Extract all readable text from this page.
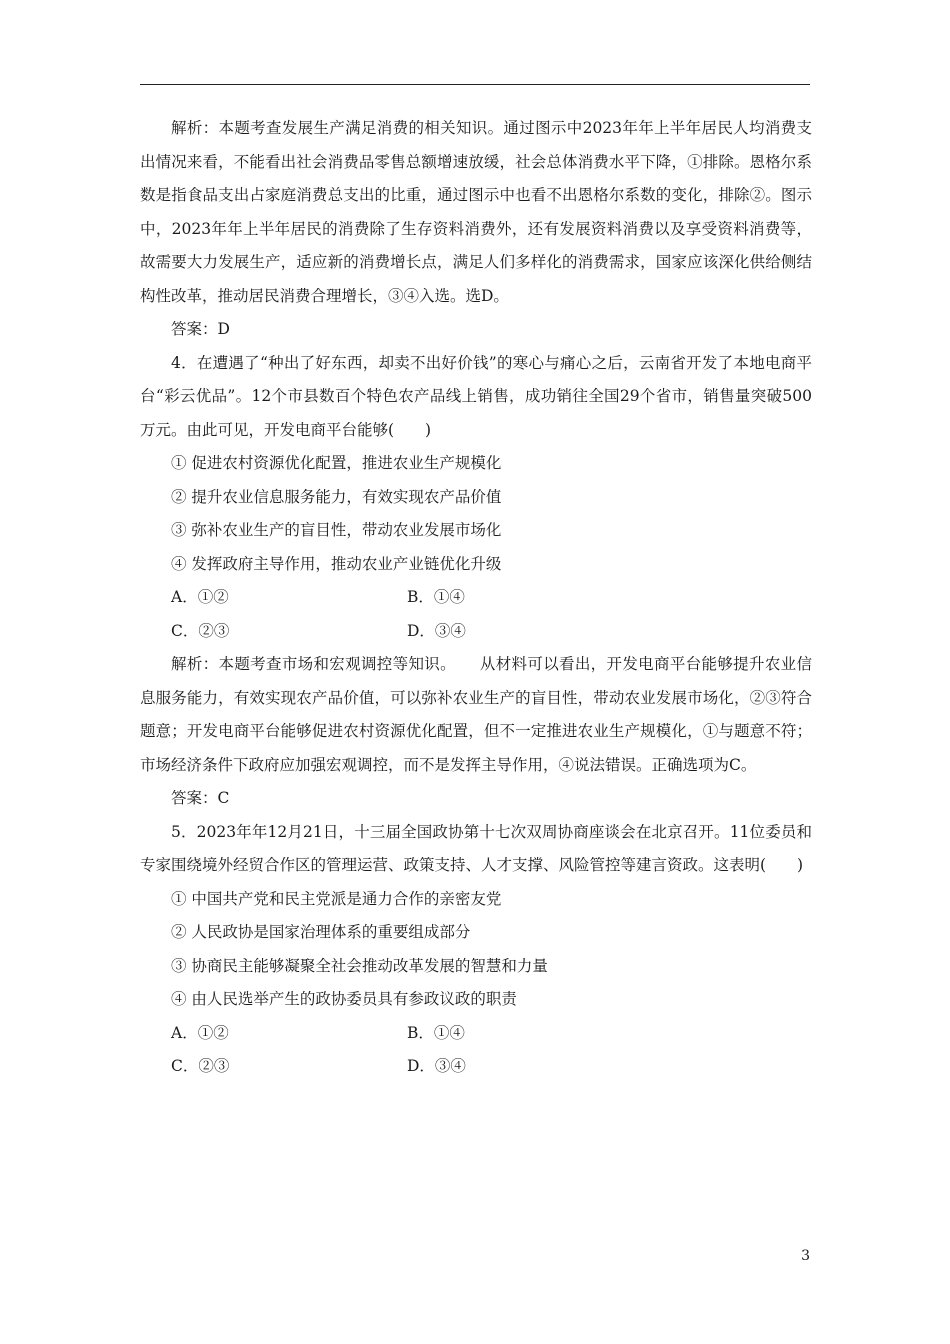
解析：本题考查发展生产满足消费的相关知识。通过图示中2023年年上半年居民人均消费支出情况来看，不能看出社会消费品零售总额增速放缓，社会总体消费水平下降，①排除。恩格尔系数是指食品支出占家庭消费总支出的比重，通过图示中也看不出恩格尔系数的变化，排除②。图示中，2023年年上半年居民的消费除了生存资料消费外，还有发展资料消费以及享受资料消费等，故需要大力发展生产，适应新的消费增长点，满足人们多样化的消费需求，国家应该深化供给侧结构性改革，推动居民消费合理增长，③④入选。选D。

答案：D

4．在遭遇了“种出了好东西，却卖不出好价钱”的寒心与痛心之后，云南省开发了本地电商平台“彩云优品”。12个市县数百个特色农产品线上销售，成功销往全国29个省市，销售量突破500万元。由此可见，开发电商平台能够(　　)

① 促进农村资源优化配置，推进农业生产规模化

② 提升农业信息服务能力，有效实现农产品价值

③ 弥补农业生产的盲目性，带动农业发展市场化

④ 发挥政府主导作用，推动农业产业链优化升级

A．①②	B．①④
C．②③	D．③④

解析：本题考查市场和宏观调控等知识。　　从材料可以看出，开发电商平台能够提升农业信息服务能力，有效实现农产品价值，可以弥补农业生产的盲目性，带动农业发展市场化，②③符合题意；开发电商平台能够促进农村资源优化配置，但不一定推进农业生产规模化，①与题意不符；市场经济条件下政府应加强宏观调控，而不是发挥主导作用，④说法错误。正确选项为C。

答案：C

5．2023年年12月21日，十三届全国政协第十七次双周协商座谈会在北京召开。11位委员和专家围绕境外经贸合作区的管理运营、政策支持、人才支撑、风险管控等建言资政。这表明(　　)

① 中国共产党和民主党派是通力合作的亲密友党

② 人民政协是国家治理体系的重要组成部分

③ 协商民主能够凝聚全社会推动改革发展的智慧和力量

④ 由人民选举产生的政协委员具有参政议政的职责

A．①②	B．①④
C．②③	D．③④
3
